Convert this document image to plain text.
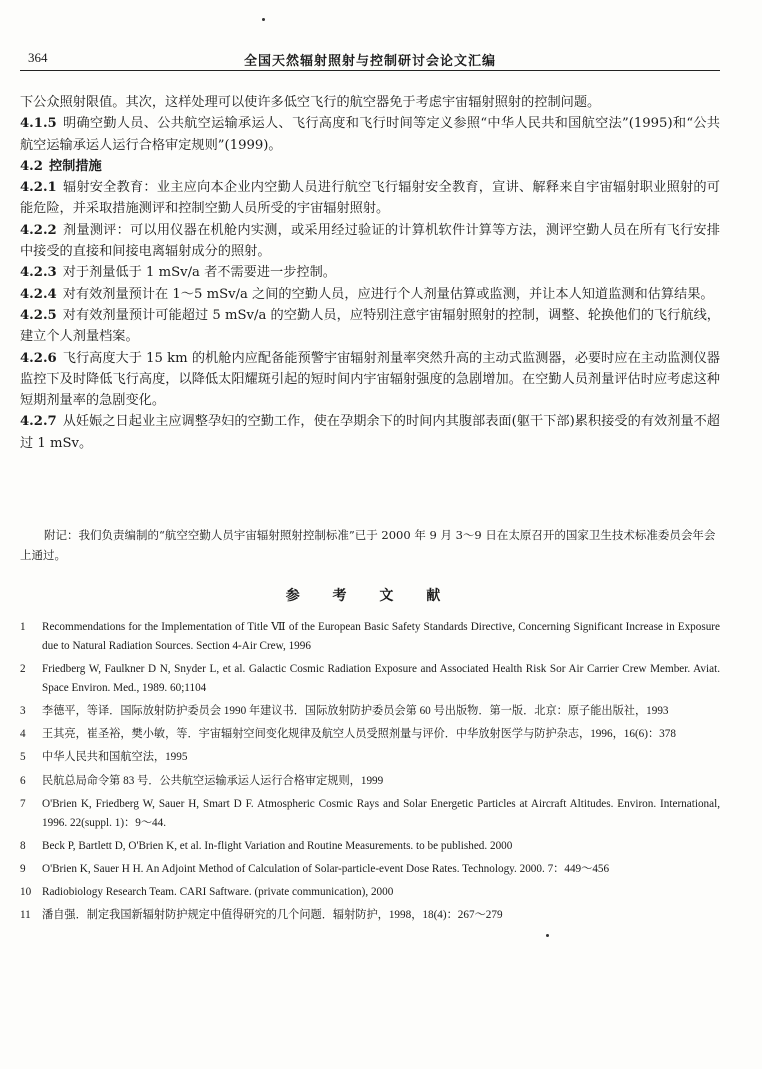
364	全国天然辐射照射与控制研讨会论文汇编

下公众照射限值。其次，这样处理可以使许多低空飞行的航空器免于考虑宇宙辐射照射的控制问题。

4.1.5 明确空勤人员、公共航空运输承运人、飞行高度和飞行时间等定义参照“中华人民共和国航空法”(1995)和“公共航空运输承运人运行合格审定规则”(1999)。

4.2 控制措施

4.2.1 辐射安全教育：业主应向本企业内空勤人员进行航空飞行辐射安全教育，宣讲、解释来自宇宙辐射职业照射的可能危险，并采取措施测评和控制空勤人员所受的宇宙辐射照射。

4.2.2 剂量测评：可以用仪器在机舱内实测，或采用经过验证的计算机软件计算等方法，测评空勤人员在所有飞行安排中接受的直接和间接电离辐射成分的照射。

4.2.3 对于剂量低于 1 mSv/a 者不需要进一步控制。

4.2.4 对有效剂量预计在 1～5 mSv/a 之间的空勤人员，应进行个人剂量估算或监测，并让本人知道监测和估算结果。

4.2.5 对有效剂量预计可能超过 5 mSv/a 的空勤人员，应特别注意宇宙辐射照射的控制，调整、轮换他们的飞行航线，建立个人剂量档案。

4.2.6 飞行高度大于 15 km 的机舱内应配备能预警宇宙辐射剂量率突然升高的主动式监测器，必要时应在主动监测仪器监控下及时降低飞行高度，以降低太阳耀斑引起的短时间内宇宙辐射强度的急剧增加。在空勤人员剂量评估时应考虑这种短期剂量率的急剧变化。

4.2.7 从妊娠之日起业主应调整孕妇的空勤工作，使在孕期余下的时间内其腹部表面(躯干下部)累积接受的有效剂量不超过 1 mSv。

附记：我们负责编制的“航空空勤人员宇宙辐射照射控制标准”已于 2000 年 9 月 3～9 日在太原召开的国家卫生技术标准委员会年会上通过。

参 考 文 献
1	Recommendations for the Implementation of Title Ⅶ of the European Basic Safety Standards Directive, Concerning Significant Increase in Exposure due to Natural Radiation Sources. Section 4-Air Crew, 1996
2	Friedberg W, Faulkner D N, Snyder L, et al. Galactic Cosmic Radiation Exposure and Associated Health Risk Sor Air Carrier Crew Member. Aviat. Space Environ. Med., 1989. 60;1104
3	李德平，等译．国际放射防护委员会 1990 年建议书．国际放射防护委员会第 60 号出版物．第一版．北京：原子能出版社，1993
4	王其亮，崔圣裕，樊小敏，等．宇宙辐射空间变化规律及航空人员受照剂量与评价．中华放射医学与防护杂志，1996，16(6)：378
5	中华人民共和国航空法，1995
6	民航总局命令第 83 号．公共航空运输承运人运行合格审定规则，1999
7	O'Brien K, Friedberg W, Sauer H, Smart D F. Atmospheric Cosmic Rays and Solar Energetic Particles at Aircraft Altitudes. Environ. International, 1996. 22(suppl. 1)：9～44.
8	Beck P, Bartlett D, O'Brien K, et al. In-flight Variation and Routine Measurements. to be published. 2000
9	O'Brien K, Sauer H H. An Adjoint Method of Calculation of Solar-particle-event Dose Rates. Technology. 2000. 7：449～456
10 Radiobiology Research Team. CARI Saftware. (private communication), 2000
11	潘自强．制定我国新辐射防护规定中值得研究的几个问题．辐射防护，1998，18(4)：267～279
